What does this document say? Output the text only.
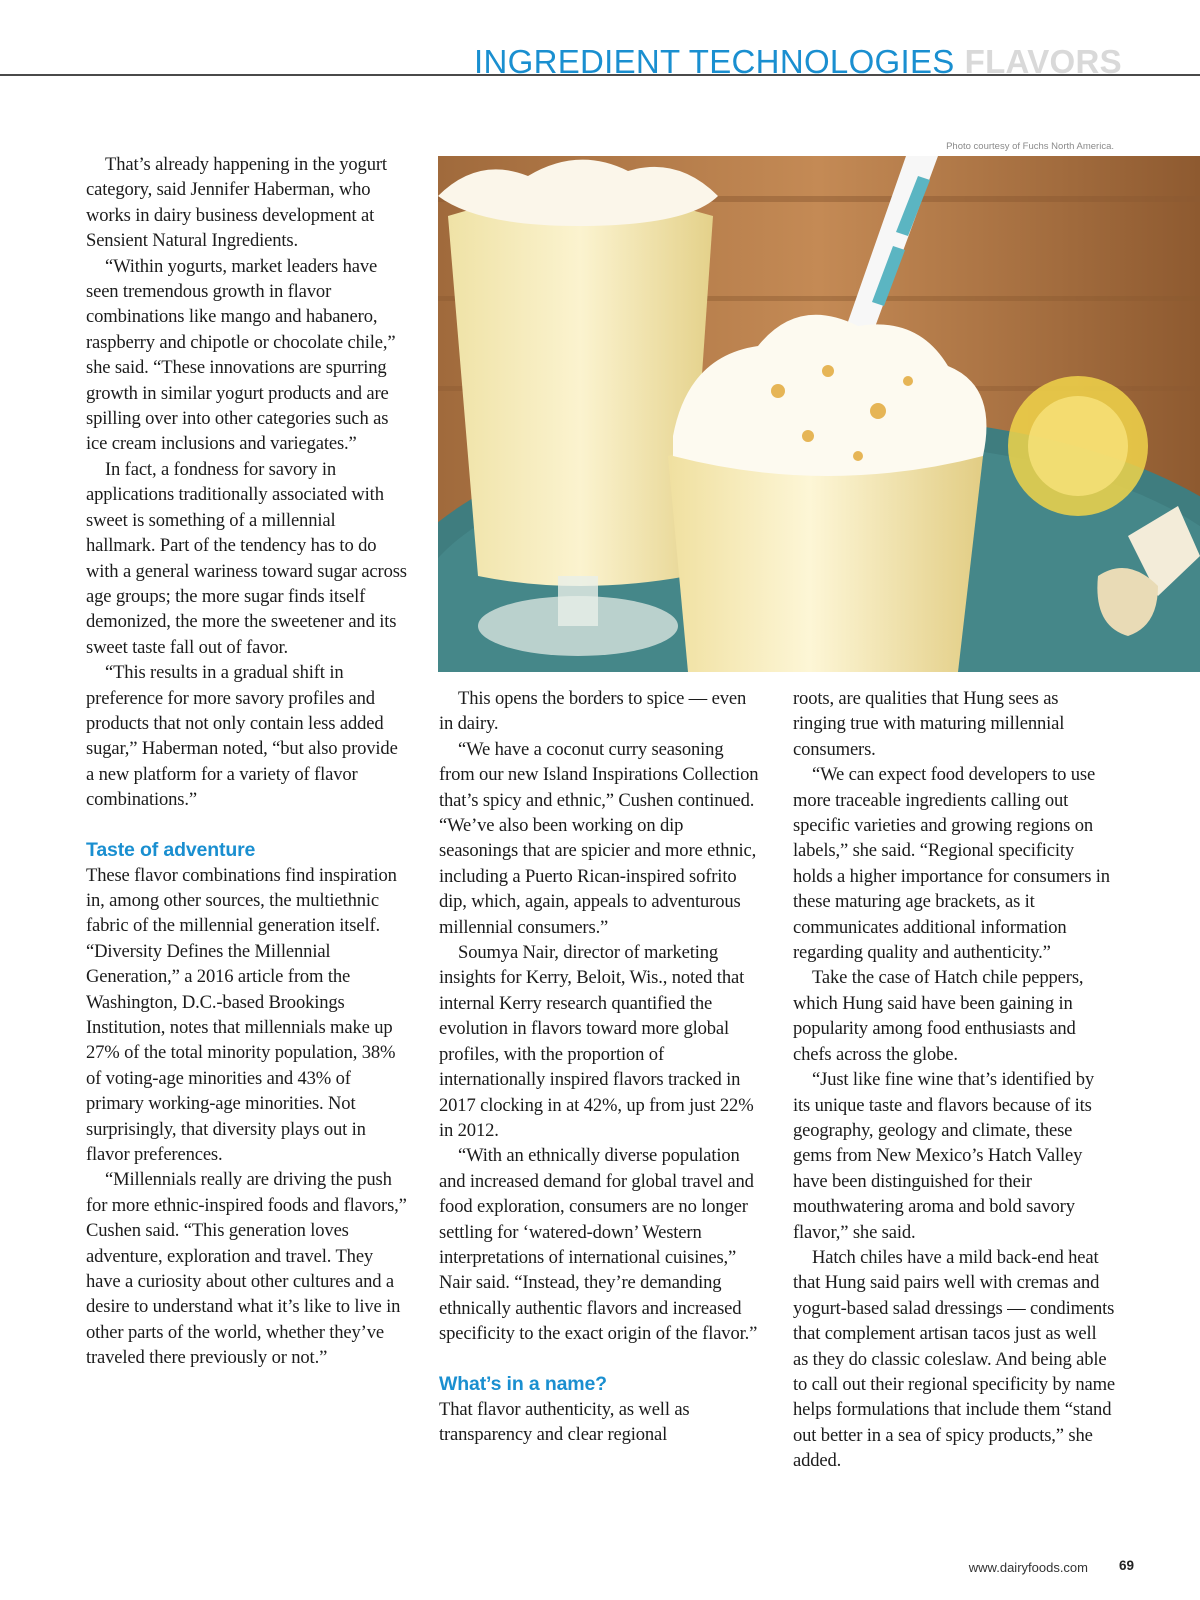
INGREDIENT TECHNOLOGIES FLAVORS
Photo courtesy of Fuchs North America.

That’s already happening in the yogurt category, said Jennifer Haberman, who works in dairy business development at Sensient Natural Ingredients.

“Within yogurts, market leaders have seen tremendous growth in flavor combinations like mango and habanero, raspberry and chipotle or chocolate chile,” she said. “These innovations are spurring growth in similar yogurt products and are spilling over into other categories such as ice cream inclusions and variegates.”

In fact, a fondness for savory in applications traditionally associated with sweet is something of a millennial hallmark. Part of the tendency has to do with a general wariness toward sugar across age groups; the more sugar finds itself demonized, the more the sweetener and its sweet taste fall out of favor.

“This results in a gradual shift in preference for more savory profiles and products that not only contain less added sugar,” Haberman noted, “but also provide a new platform for a variety of flavor combinations.”

Taste of adventure

These flavor combinations find inspiration in, among other sources, the multiethnic fabric of the millennial generation itself. “Diversity Defines the Millennial Generation,” a 2016 article from the Washington, D.C.-based Brookings Institution, notes that millennials make up 27% of the total minority population, 38% of voting-age minorities and 43% of primary working-age minorities. Not surprisingly, that diversity plays out in flavor preferences.

“Millennials really are driving the push for more ethnic-inspired foods and flavors,” Cushen said. “This generation loves adventure, exploration and travel. They have a curiosity about other cultures and a desire to understand what it’s like to live in other parts of the world, whether they’ve traveled there previously or not.”

This opens the borders to spice — even in dairy.

“We have a coconut curry seasoning from our new Island Inspirations Collection that’s spicy and ethnic,” Cushen continued. “We’ve also been working on dip seasonings that are spicier and more ethnic, including a Puerto Rican-inspired sofrito dip, which, again, appeals to adventurous millennial consumers.”

Soumya Nair, director of marketing insights for Kerry, Beloit, Wis., noted that internal Kerry research quantified the evolution in flavors toward more global profiles, with the proportion of internationally inspired flavors tracked in 2017 clocking in at 42%, up from just 22% in 2012.

“With an ethnically diverse population and increased demand for global travel and food exploration, consumers are no longer settling for ‘watered-down’ Western interpretations of international cuisines,” Nair said. “Instead, they’re demanding ethnically authentic flavors and increased specificity to the exact origin of the flavor.”

What’s in a name?

That flavor authenticity, as well as transparency and clear regional

roots, are qualities that Hung sees as ringing true with maturing millennial consumers.

“We can expect food developers to use more traceable ingredients calling out specific varieties and growing regions on labels,” she said. “Regional specificity holds a higher importance for consumers in these maturing age brackets, as it communicates additional information regarding quality and authenticity.”

Take the case of Hatch chile peppers, which Hung said have been gaining in popularity among food enthusiasts and chefs across the globe.

“Just like fine wine that’s identified by its unique taste and flavors because of its geography, geology and climate, these gems from New Mexico’s Hatch Valley have been distinguished for their mouthwatering aroma and bold savory flavor,” she said.

Hatch chiles have a mild back-end heat that Hung said pairs well with cremas and yogurt-based salad dressings — condiments that complement artisan tacos just as well as they do classic coleslaw. And being able to call out their regional specificity by name helps formulations that include them “stand out better in a sea of spicy products,” she added.

www.dairyfoods.com 69
